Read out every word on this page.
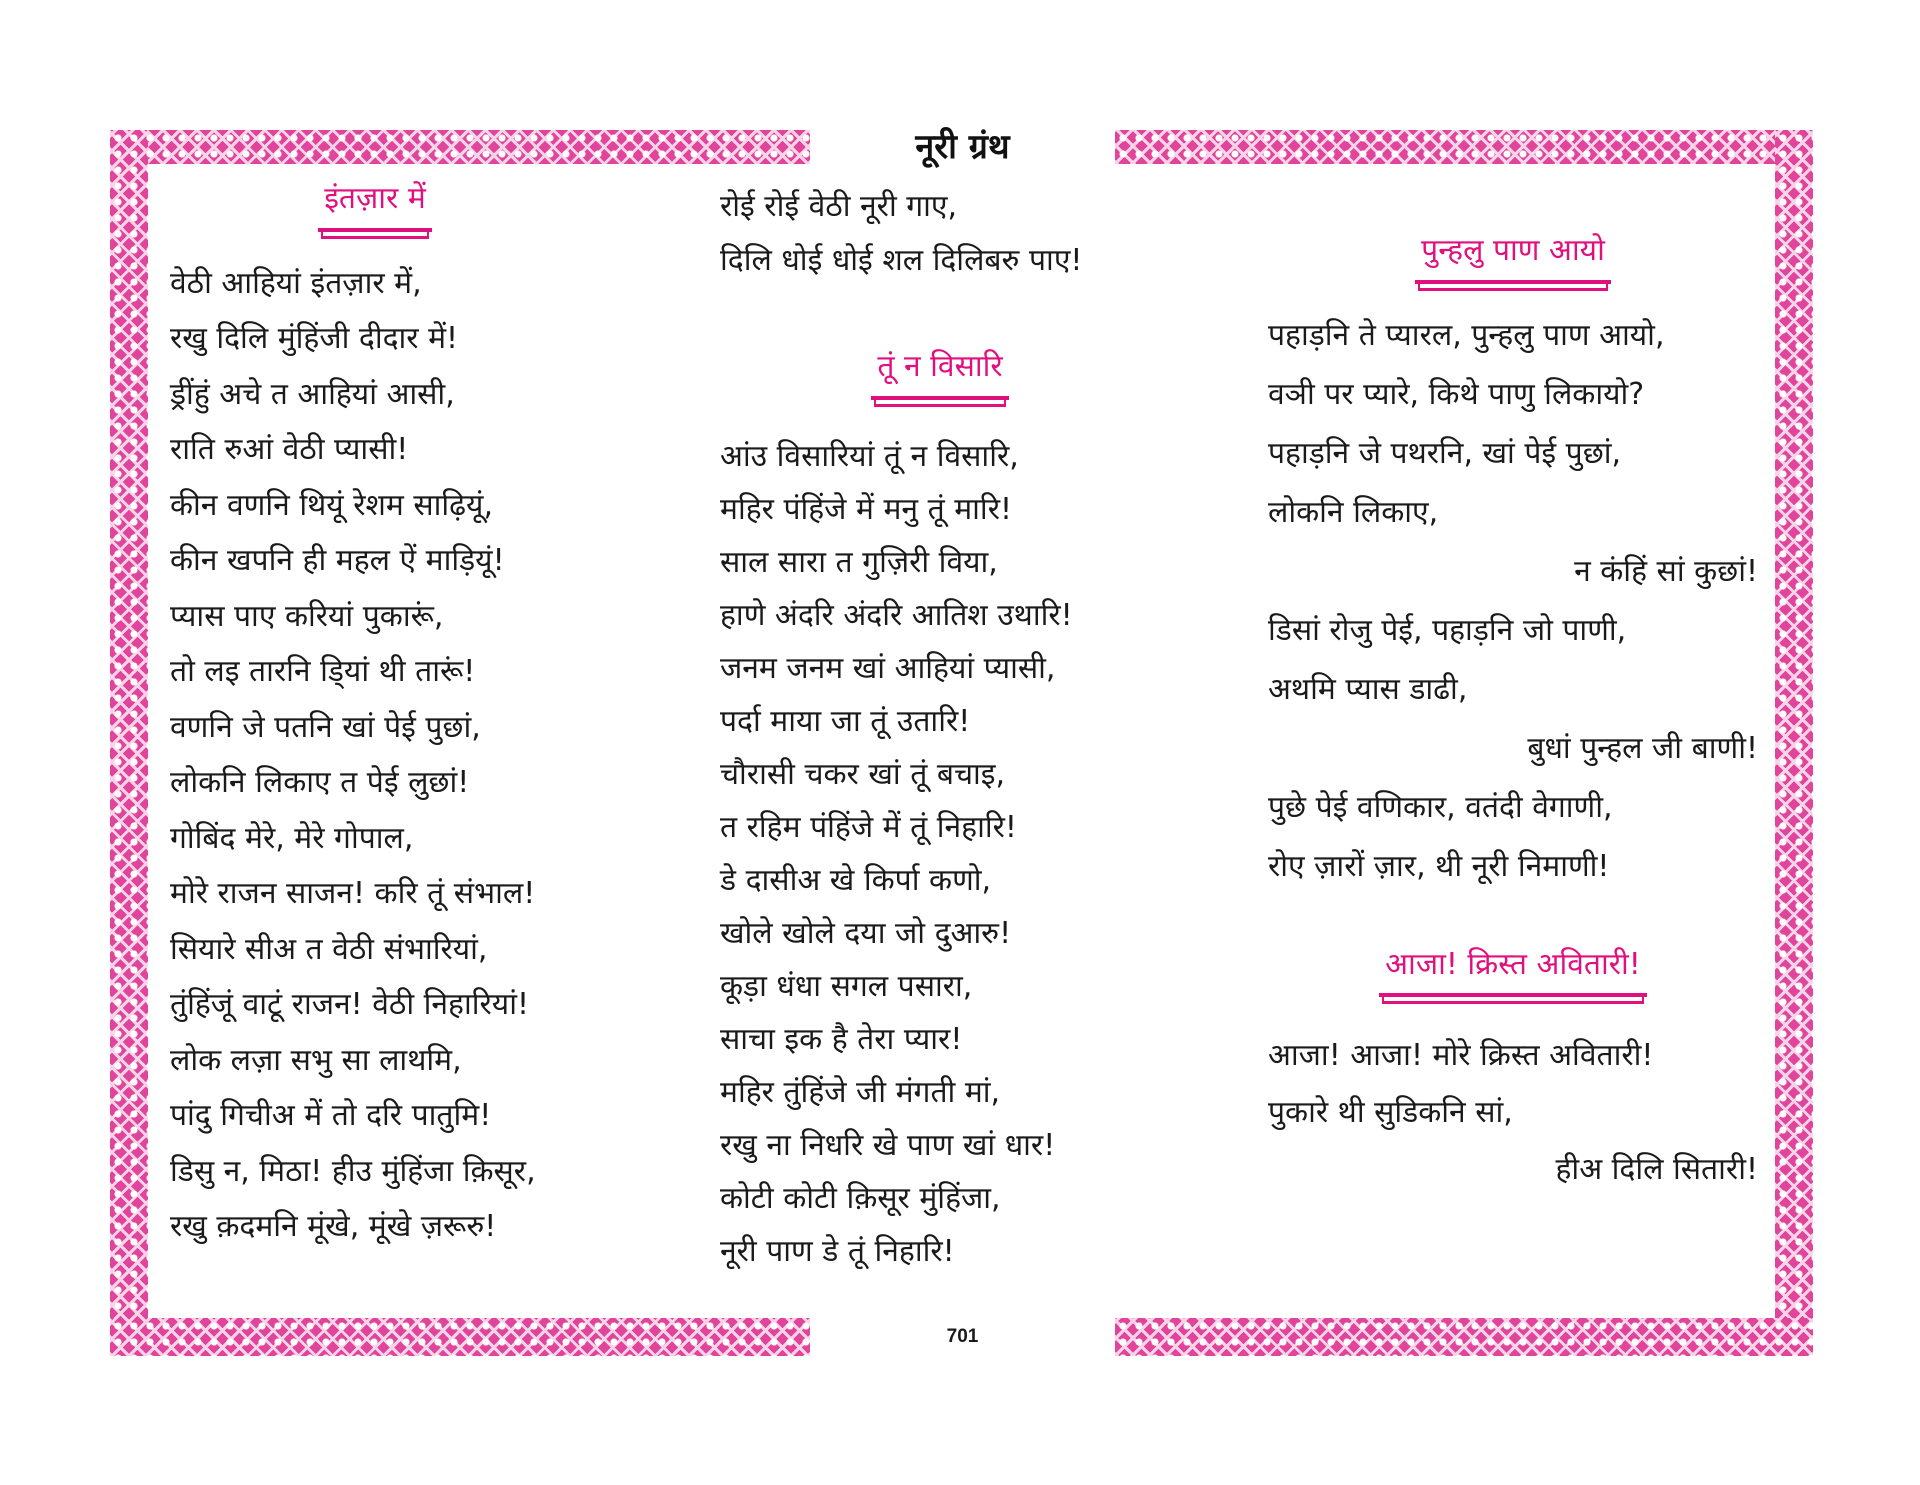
नूरी ग्रंथ
इंतज़ार में
वेठी आहियां इंतज़ार में,
रखु दिलि मुंहिंजी दीदार में!
ड्रींहुं अचे त आहियां आसी,
राति रुआं वेठी प्यासी!
कीन वणनि थियूं रेशम साढ़ियूं,
कीन खपनि ही महल ऐं माड़ियूं!
प्यास पाए करियां पुकारूं,
तो लइ तारनि डि्यां थी तारूं!
वणनि जे पतनि खां पेई पुछां,
लोकनि लिकाए त पेई लुछां!
गोबिंद मेरे, मेरे गोपाल,
मोरे राजन साजन! करि तूं संभाल!
सियारे सीअ त वेठी संभारियां,
तुंहिंजूं वाटूं राजन! वेठी निहारियां!
लोक लज़ा सभु सा लाथमि,
पांदु गिचीअ में तो दरि पातुमि!
डिसु न, मिठा! हीउ मुंहिंजा क़िसूर,
रखु क़दमनि मूंखे, मूंखे ज़रूरु!
रोई रोई वेठी नूरी गाए,
दिलि धोई धोई शल दिलिबरु पाए!
तूं न विसारि
आंउ विसारियां तूं न विसारि,
महिर पंहिंजे में मनु तूं मारि!
साल सारा त गुज़िरी विया,
हाणे अंदरि अंदरि आतिश उथारि!
जनम जनम खां आहियां प्यासी,
पर्दा माया जा तूं उतारि!
चौरासी चकर खां तूं बचाइ,
त रहिम पंहिंजे में तूं निहारि!
डे दासीअ खे किर्पा कणो,
खोले खोले दया जो दुआरु!
कूड़ा धंधा सगल पसारा,
साचा इक है तेरा प्यार!
महिर तुंहिंजे जी मंगती मां,
रखु ना निधरि खे पाण खां धार!
कोटी कोटी क़िसूर मुंहिंजा,
नूरी पाण डे तूं निहारि!
पुन्हलु पाण आयो
पहाड़नि ते प्यारल, पुन्हलु पाण आयो,
वञी पर प्यारे, किथे पाणु लिकायो?
पहाड़नि जे पथरनि, खां पेई पुछां,
लोकनि लिकाए,
न कंहिं सां कुछां!
डिसां रोजु पेई, पहाड़नि जो पाणी,
अथमि प्यास डाढी,
बुधां पुन्हल जी बाणी!
पुछे पेई वणिकार, वतंदी वेगाणी,
रोए ज़ारों ज़ार, थी नूरी निमाणी!
आजा! क्रिस्त अवितारी!
आजा! आजा! मोरे क्रिस्त अवितारी!
पुकारे थी सुडिकनि सां,
हीअ दिलि सितारी!
701
